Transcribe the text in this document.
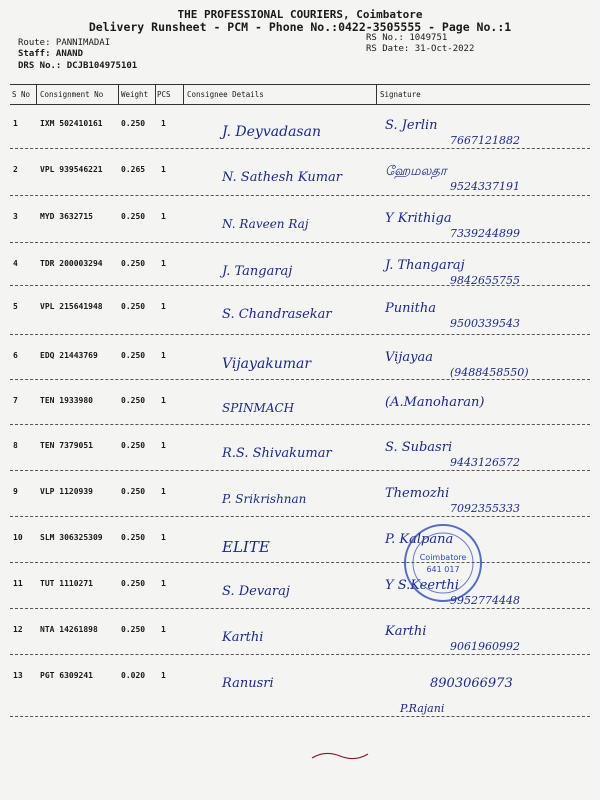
THE PROFESSIONAL COURIERS, Coimbatore
Delivery Runsheet - PCM - Phone No.:0422-3505555 - Page No.:1
Route: PANNIMADAI
Staff: ANAND
DRS No.: DCJB104975101
RS No.: 1049751
RS Date: 31-Oct-2022
S No Consignment No Weight PCS Consignee Details	Signature
1	IXM 502410161 0.250 1
J. Deyvadasan	S. Jerlin
7667121882
2	VPL 939546221 0.265 1
N. Sathesh Kumar	ஹேமலதா
9524337191
3	MYD 3632715	0.250 1
N. Raveen Raj	Y Krithiga
7339244899
4	TDR 200003294 0.250 1
J. Tangaraj	J. Thangaraj
9842655755
5	VPL 215641948 0.250 1
S. Chandrasekar	Punitha
9500339543
6	EDQ 21443769	0.250 1
Vijayakumar	Vijayaa
(9488458550)
7	TEN 1933980	0.250 1
SPINMACH	(A.Manoharan)
8	TEN 7379051	0.250 1
R.S. Shivakumar	S. Subasri
9443126572
9	VLP 1120939	0.250 1
P. Srikrishnan	Themozhi
7092355333
10 SLM 306325309 0.250 1
ELITE	P. Kalpana
11 TUT 1110271	0.250 1
S. Devaraj	Y S.Keerthi
9952774448
12 NTA 14261898	0.250 1
Karthi	Karthi
9061960992
13 PGT 6309241	0.020 1
Ranusri	8903066973
P.Rajani
Coimbatore
641 017
